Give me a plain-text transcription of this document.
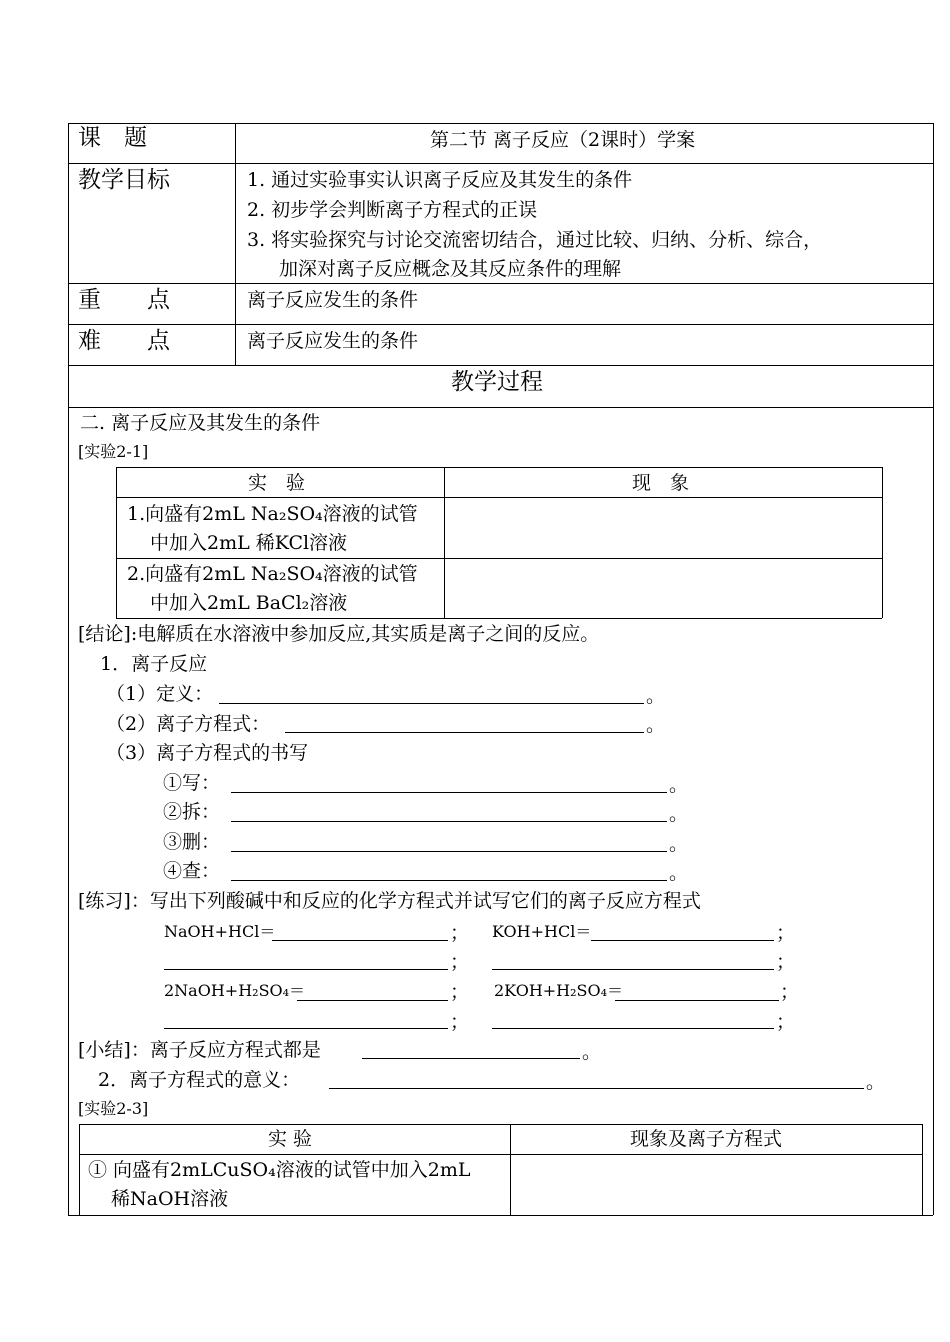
课　题	第二节 离子反应（2课时）学案
教学目标	1. 通过实验事实认识离子反应及其发生的条件
2. 初步学会判断离子方程式的正误
3. 将实验探究与讨论交流密切结合，通过比较、归纳、分析、综合，
加深对离子反应概念及其反应条件的理解
重　　点	离子反应发生的条件
难　　点	离子反应发生的条件
教学过程
二. 离子反应及其发生的条件
[实验2-1]
实　验	现　象
1.向盛有2mL Na₂SO₄溶液的试管
中加入2mL 稀KCl溶液
2.向盛有2mL Na₂SO₄溶液的试管
中加入2mL BaCl₂溶液
[结论]:电解质在水溶液中参加反应,其实质是离子之间的反应。
1．离子反应
（1）定义：	。
（2）离子方程式：	。
（3）离子方程式的书写
①写：	。
②拆：	。
③删：	。
④查：	。
[练习]：写出下列酸碱中和反应的化学方程式并试写它们的离子反应方程式
NaOH+HCl＝	； KOH+HCl＝	；
；	；
2NaOH+H₂SO₄＝	； 2KOH+H₂SO₄＝	；
；	；
[小结]：离子反应方程式都是	。
2．离子方程式的意义：	。
[实验2-3]
实 验	现象及离子方程式
① 向盛有2mLCuSO₄溶液的试管中加入2mL
稀NaOH溶液
